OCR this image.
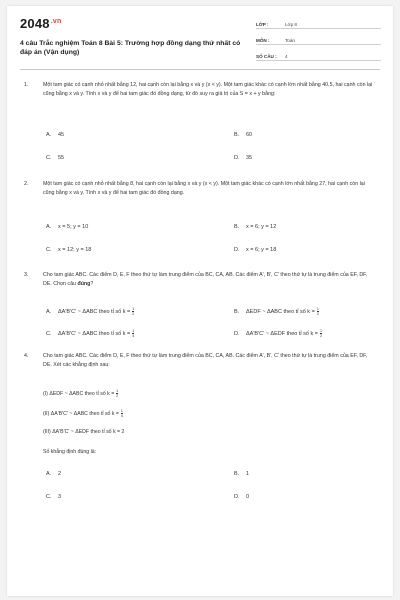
$2048^{.vn}$
4 câu Trắc nghiệm Toán 8 Bài 5: Trường hợp đồng dạng thứ nhất có đáp án (Vận dụng)
LỚP :	Lớp 8
MÔN :	Toán
SỐ CÂU :	4
1.	Một tam giác có cạnh nhỏ nhất bằng 12, hai cạnh còn lại bằng x và y (x < y). Một tam giác khác có cạnh lớn nhất bằng 40,5, hai cạnh còn lại cũng bằng x và y. Tính x và y để hai tam giác đó đồng dạng, từ đó suy ra giá trị của S = x + y bằng:
A. 45	B. 60
C. 55	D. 35
2.	Một tam giác có cạnh nhỏ nhất bằng 8, hai cạnh còn lại bằng x và y (x < y). Một tam giác khác có cạnh lớn nhất bằng 27, hai cạnh còn lại cũng bằng x và y. Tính x và y để hai tam giác đó đồng dạng.
A. x = 5; y = 10	B. x = 6; y = 12
C. x = 12; y = 18	D. x = 6; y = 18
3.	Cho tam giác ABC. Các điểm D, E, F theo thứ tự làm trung điểm của BC, CA, AB. Các điểm A', B', C' theo thứ tự là trung điểm của EF, DF, DE. Chọn câu đúng?
A. ΔA'B'C' ~ ΔABC theo tỉ số $k = \frac{1}{2}$	B. ΔEDF ~ ΔABC theo tỉ số $k = \frac{1}{2}$
C. ΔA'B'C' ~ ΔABC theo tỉ số $k = \frac{1}{4}$	D. ΔA'B'C' ~ ΔEDF theo tỉ số $k = \frac{1}{2}$
4.	Cho tam giác ABC. Các điểm D, E, F theo thứ tự làm trung điểm của BC, CA, AB. Các điểm A', B', C' theo thứ tự là trung điểm của EF, DF, DE. Xét các khẳng định sau:
(I) ΔEDF ~ ΔABC theo tỉ số $k = \frac{1}{2}$
(II) ΔA'B'C' ~ ΔABC theo tỉ số $k = \frac{1}{4}$
(III) ΔA'B'C' ~ ΔEDF theo tỉ số k = 2
Số khẳng định đúng là:
A. 2	B. 1
C. 3	D. 0
